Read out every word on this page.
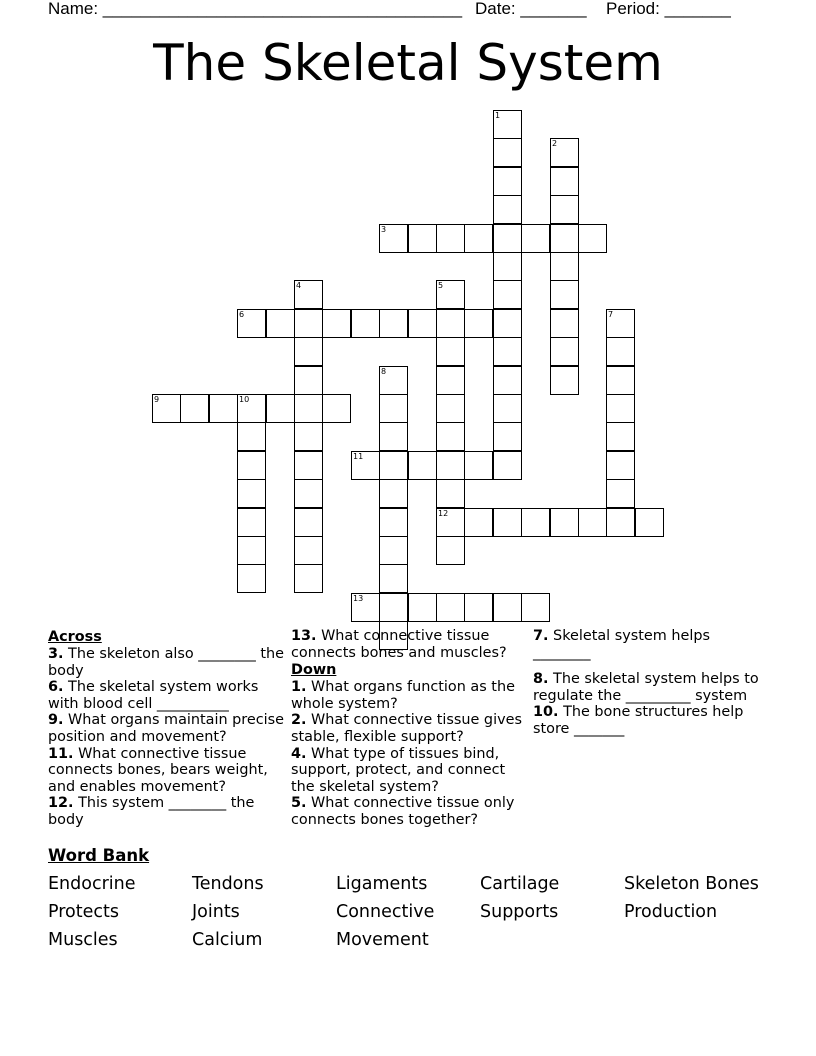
Name: ______________________________________ Date: _______ Period: _______
The Skeletal System
1
2
3
4	5
6	7
8
9	10
11
12
13
Across
3. The skeleton also ________ the body
6. The skeletal system works with blood cell __________
9. What organs maintain precise position and movement?
11. What connective tissue connects bones, bears weight, and enables movement?
12. This system ________ the body
13. What connective tissue connects bones and muscles?
Down
1. What organs function as the whole system?
2. What connective tissue gives stable, flexible support?
4. What type of tissues bind, support, protect, and connect the skeletal system?
5. What connective tissue only connects bones together?
7. Skeletal system helps ________
8. The skeletal system helps to regulate the _________ system
10. The bone structures help store _______
Word Bank
Endocrine	Tendons	Ligaments	Cartilage	Skeleton Bones
Protects	Joints	Connective	Supports	Production
Muscles	Calcium	Movement
